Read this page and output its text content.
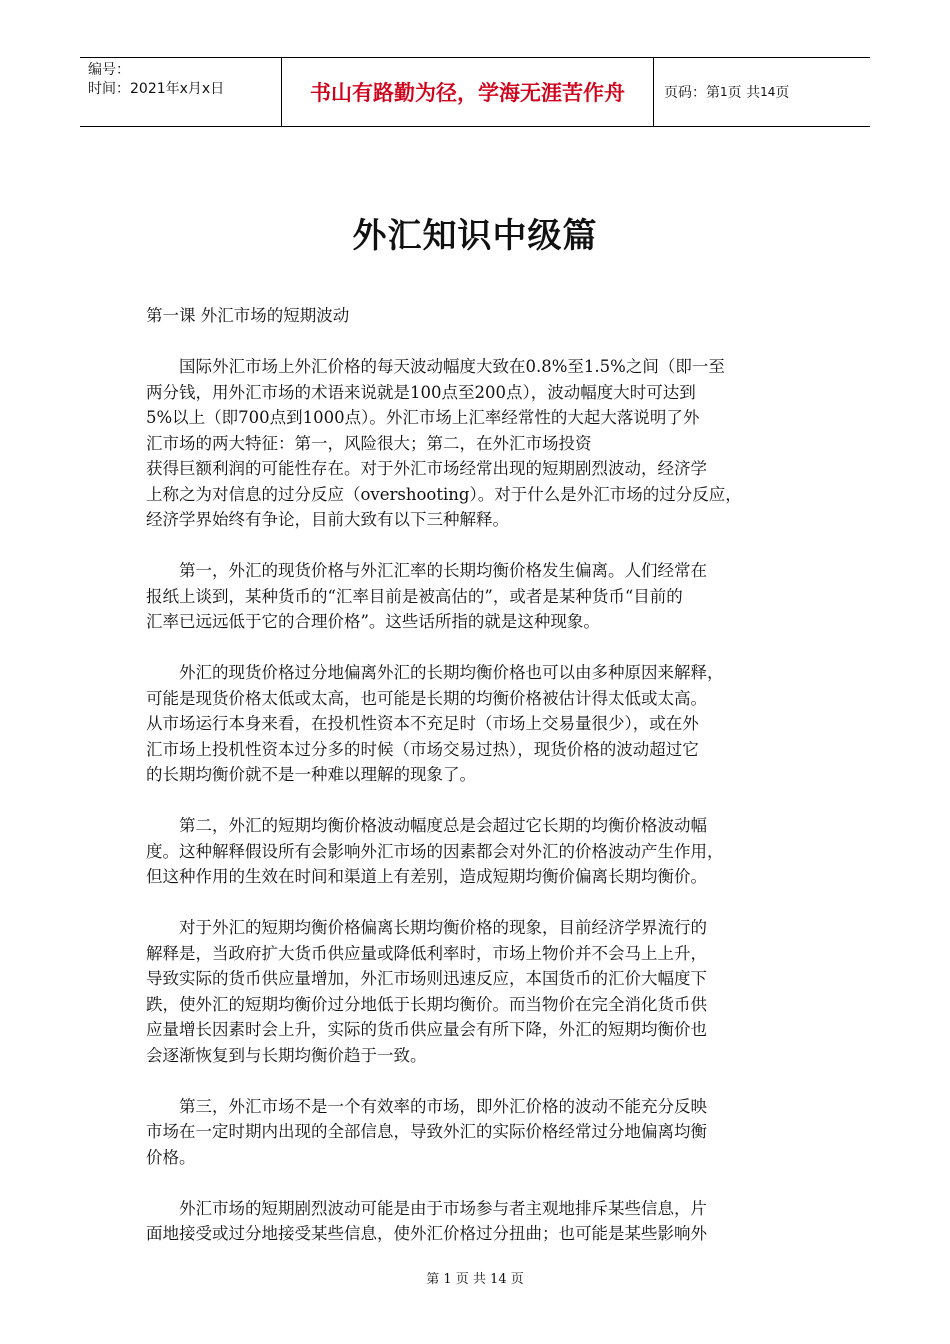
编号：
时间：2021年x月x日	书山有路勤为径，学海无涯苦作舟	页码：第 1 页 共 14 页
外汇知识中级篇
第一课 外汇市场的短期波动
国际外汇市场上外汇价格的每天波动幅度大致在0.8%至1.5%之间（即一至
两分钱，用外汇市场的术语来说就是100点至200点），波动幅度大时可达到
5%以上（即700点到1000点）。外汇市场上汇率经常性的大起大落说明了外
汇市场的两大特征：第一，风险很大；第二，在外汇市场投资
获得巨额利润的可能性存在。对于外汇市场经常出现的短期剧烈波动，经济学
上称之为对信息的过分反应（overshooting）。对于什么是外汇市场的过分反应，
经济学界始终有争论，目前大致有以下三种解释。
第一，外汇的现货价格与外汇汇率的长期均衡价格发生偏离。人们经常在
报纸上谈到，某种货币的“汇率目前是被高估的”，或者是某种货币“目前的
汇率已远远低于它的合理价格”。这些话所指的就是这种现象。
外汇的现货价格过分地偏离外汇的长期均衡价格也可以由多种原因来解释，
可能是现货价格太低或太高，也可能是长期的均衡价格被估计得太低或太高。
从市场运行本身来看，在投机性资本不充足时（市场上交易量很少），或在外
汇市场上投机性资本过分多的时候（市场交易过热），现货价格的波动超过它
的长期均衡价就不是一种难以理解的现象了。
第二，外汇的短期均衡价格波动幅度总是会超过它长期的均衡价格波动幅
度。这种解释假设所有会影响外汇市场的因素都会对外汇的价格波动产生作用，
但这种作用的生效在时间和渠道上有差别，造成短期均衡价偏离长期均衡价。
对于外汇的短期均衡价格偏离长期均衡价格的现象，目前经济学界流行的
解释是，当政府扩大货币供应量或降低利率时，市场上物价并不会马上上升，
导致实际的货币供应量增加，外汇市场则迅速反应，本国货币的汇价大幅度下
跌，使外汇的短期均衡价过分地低于长期均衡价。而当物价在完全消化货币供
应量增长因素时会上升，实际的货币供应量会有所下降，外汇的短期均衡价也
会逐渐恢复到与长期均衡价趋于一致。
第三，外汇市场不是一个有效率的市场，即外汇价格的波动不能充分反映
市场在一定时期内出现的全部信息，导致外汇的实际价格经常过分地偏离均衡
价格。
外汇市场的短期剧烈波动可能是由于市场参与者主观地排斥某些信息，片
面地接受或过分地接受某些信息，使外汇价格过分扭曲；也可能是某些影响外
第 1 页 共 14 页
